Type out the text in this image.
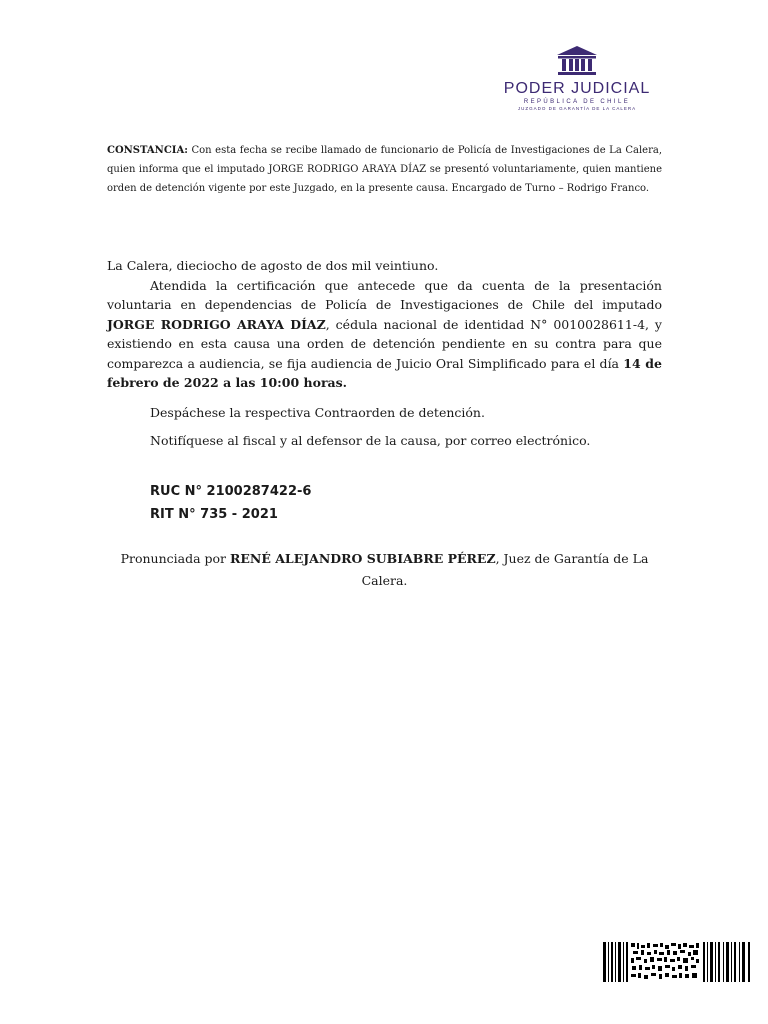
PODER JUDICIAL
REPÚBLICA DE CHILE
JUZGADO DE GARANTÍA DE LA CALERA

CONSTANCIA: Con esta fecha se recibe llamado de funcionario de Policía de Investigaciones de La Calera, quien informa que el imputado JORGE RODRIGO ARAYA DÍAZ se presentó voluntariamente, quien mantiene orden de detención vigente por este Juzgado, en la presente causa. Encargado de Turno – Rodrigo Franco.

La Calera, dieciocho de agosto de dos mil veintiuno.

Atendida la certificación que antecede que da cuenta de la presentación voluntaria en dependencias de Policía de Investigaciones de Chile del imputado JORGE RODRIGO ARAYA DÍAZ, cédula nacional de identidad N° 0010028611-4, y existiendo en esta causa una orden de detención pendiente en su contra para que comparezca a audiencia, se fija audiencia de Juicio Oral Simplificado para el día 14 de febrero de 2022 a las 10:00 horas.

Despáchese la respectiva Contraorden de detención.

Notifíquese al fiscal y al defensor de la causa, por correo electrónico.

RUC N° 2100287422-6

RIT N° 735 - 2021

Pronunciada por RENÉ ALEJANDRO SUBIABRE PÉREZ, Juez de Garantía de La Calera.
